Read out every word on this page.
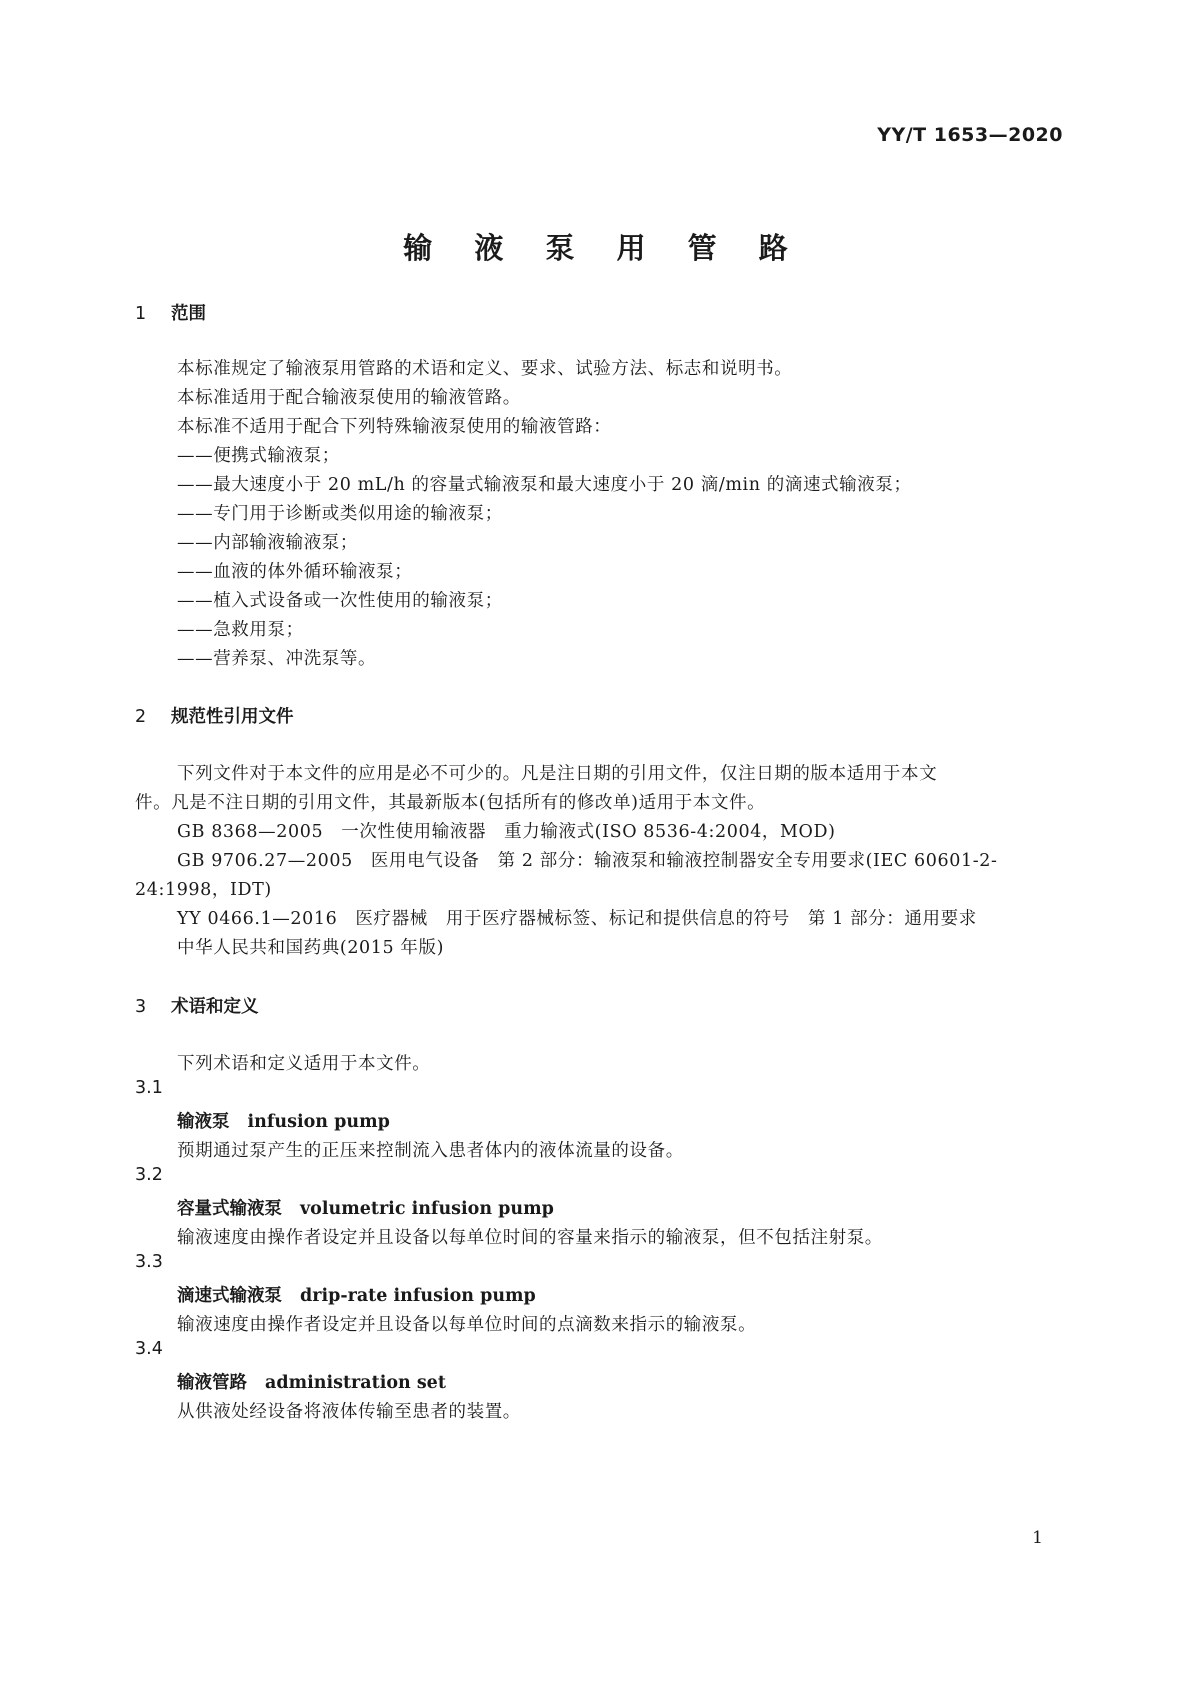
YY/T 1653—2020
输 液 泵 用 管 路
1 范围
本标准规定了输液泵用管路的术语和定义、要求、试验方法、标志和说明书。
本标准适用于配合输液泵使用的输液管路。
本标准不适用于配合下列特殊输液泵使用的输液管路：
——便携式输液泵；
——最大速度小于 20 mL/h 的容量式输液泵和最大速度小于 20 滴/min 的滴速式输液泵；
——专门用于诊断或类似用途的输液泵；
——内部输液输液泵；
——血液的体外循环输液泵；
——植入式设备或一次性使用的输液泵；
——急救用泵；
——营养泵、冲洗泵等。
2 规范性引用文件
下列文件对于本文件的应用是必不可少的。凡是注日期的引用文件，仅注日期的版本适用于本文
件。凡是不注日期的引用文件，其最新版本(包括所有的修改单)适用于本文件。
GB 8368—2005　一次性使用输液器　重力输液式(ISO 8536-4:2004，MOD)
GB 9706.27—2005　医用电气设备　第 2 部分：输液泵和输液控制器安全专用要求(IEC 60601-2-
24:1998，IDT)
YY 0466.1—2016　医疗器械　用于医疗器械标签、标记和提供信息的符号　第 1 部分：通用要求
中华人民共和国药典(2015 年版)
3 术语和定义
下列术语和定义适用于本文件。
3.1
输液泵 infusion pump
预期通过泵产生的正压来控制流入患者体内的液体流量的设备。
3.2
容量式输液泵 volumetric infusion pump
输液速度由操作者设定并且设备以每单位时间的容量来指示的输液泵，但不包括注射泵。
3.3
滴速式输液泵 drip-rate infusion pump
输液速度由操作者设定并且设备以每单位时间的点滴数来指示的输液泵。
3.4
输液管路 administration set
从供液处经设备将液体传输至患者的装置。
1
